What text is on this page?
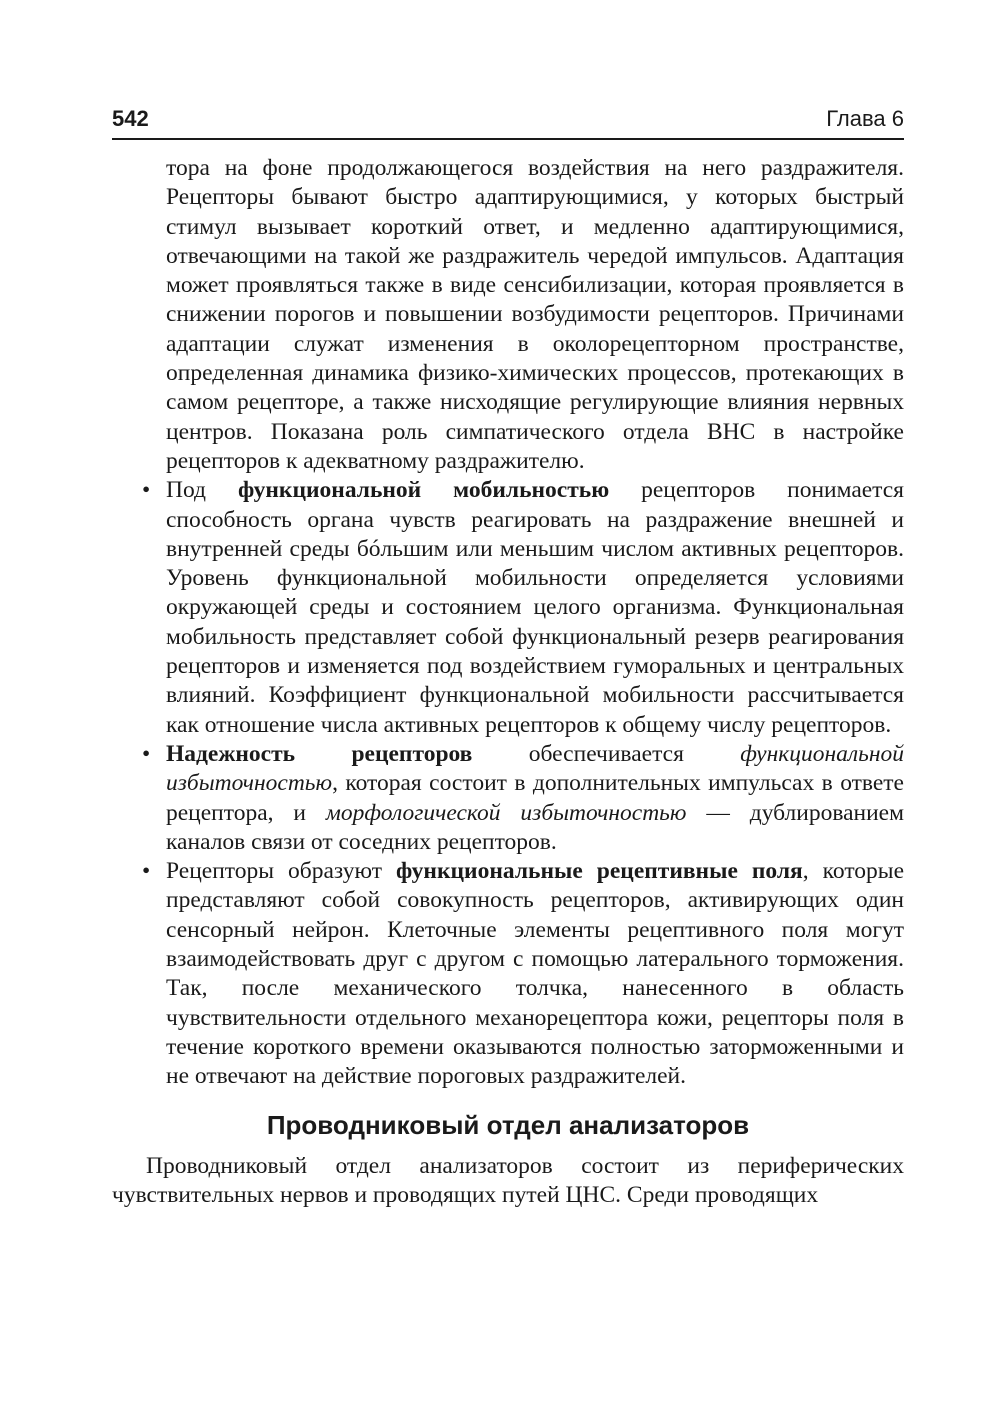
542	Глава 6

тора на фоне продолжающегося воздействия на него раздражителя. Рецепторы бывают быстро адаптирующимися, у которых быстрый стимул вызывает короткий ответ, и медленно адаптирующимися, отвечающими на такой же раздражитель чередой импульсов. Адаптация может проявляться также в виде сенсибилизации, которая проявляется в снижении порогов и повышении возбудимости рецепторов. Причинами адаптации служат изменения в околорецепторном пространстве, определенная динамика физико-химических процессов, протекающих в самом рецепторе, а также нисходящие регулирующие влияния нервных центров. Показана роль симпатического отдела ВНС в настройке рецепторов к адекватному раздражителю.

• Под функциональной мобильностью рецепторов понимается способность органа чувств реагировать на раздражение внешней и внутренней среды бóльшим или меньшим числом активных рецепторов. Уровень функциональной мобильности определяется условиями окружающей среды и состоянием целого организма. Функциональная мобильность представляет собой функциональный резерв реагирования рецепторов и изменяется под воздействием гуморальных и центральных влияний. Коэффициент функциональной мобильности рассчитывается как отношение числа активных рецепторов к общему числу рецепторов.
• Надежность рецепторов обеспечивается функциональной избыточностью, которая состоит в дополнительных импульсах в ответе рецептора, и морфологической избыточностью — дублированием каналов связи от соседних рецепторов.
• Рецепторы образуют функциональные рецептивные поля, которые представляют собой совокупность рецепторов, активирующих один сенсорный нейрон. Клеточные элементы рецептивного поля могут взаимодействовать друг с другом с помощью латерального торможения. Так, после механического толчка, нанесенного в область чувствительности отдельного механорецептора кожи, рецепторы поля в течение короткого времени оказываются полностью заторможенными и не отвечают на действие пороговых раздражителей.
Проводниковый отдел анализаторов

Проводниковый отдел анализаторов состоит из периферических чувствительных нервов и проводящих путей ЦНС. Среди проводящих
